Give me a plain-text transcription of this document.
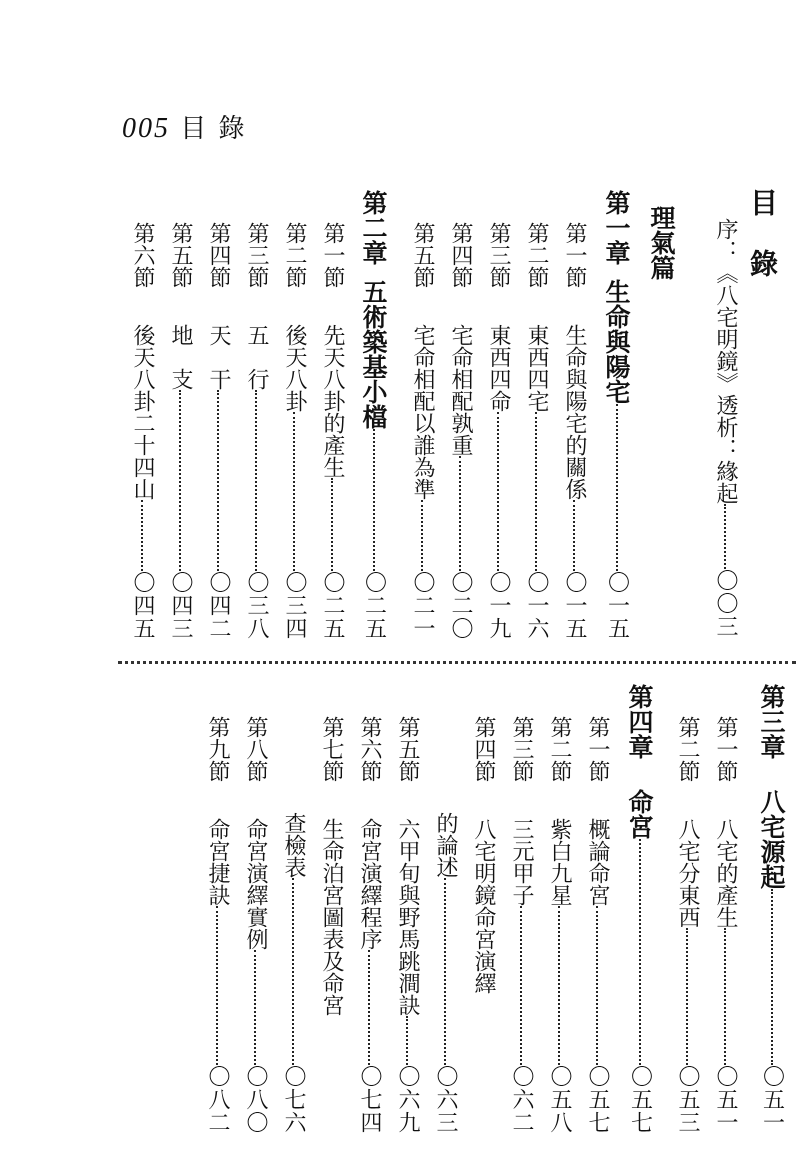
005 目 錄
目 錄
序：《八宅明鏡》透析：緣起
〇〇三
理氣篇
第一章
生命與陽宅
〇一五
第一節
生命與陽宅的關係
〇一五
第二節
東西四宅
〇一六
第三節
東西四命
〇一九
第四節
宅命相配孰重
〇二〇
第五節
宅命相配以誰為準
〇二一
第二章
五術築基小檔
〇二五
第一節
先天八卦的產生
〇二五
第二節
後天八卦
〇三四
第三節
五　行
〇三八
第四節
天　干
〇四二
第五節
地　支
〇四三
第六節
後天八卦二十四山
〇四五
第三章
八宅源起
〇五一
第一節
八宅的產生
〇五一
第二節
八宅分東西
〇五三
第四章
命宮
〇五七
第一節
概論命宮
〇五七
第二節
紫白九星
〇五八
第三節
三元甲子
〇六二
第四節
八宅明鏡命宮演繹
的論述
〇六三
第五節
六甲旬與野馬跳澗訣
〇六九
第六節
命宮演繹程序
〇七四
第七節
生命泊宮圖表及命宮
查檢表
〇七六
第八節
命宮演繹實例
〇八〇
第九節
命宮捷訣
〇八二
